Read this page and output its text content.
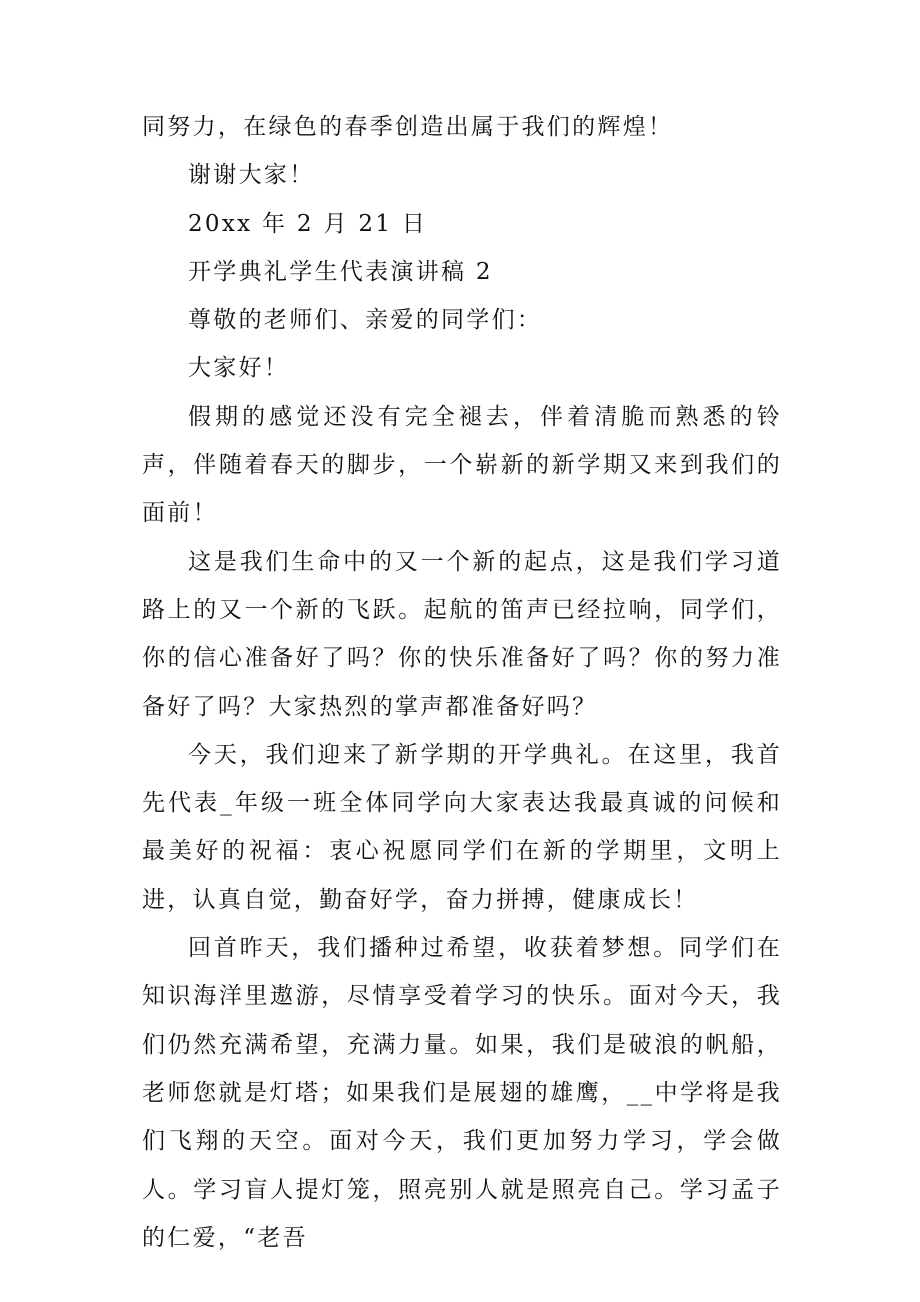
同努力，在绿色的春季创造出属于我们的辉煌！

谢谢大家！

20xx 年 2 月 21 日

开学典礼学生代表演讲稿 2

尊敬的老师们、亲爱的同学们：

大家好！

假期的感觉还没有完全褪去，伴着清脆而熟悉的铃声，伴随着春天的脚步，一个崭新的新学期又来到我们的面前！

这是我们生命中的又一个新的起点，这是我们学习道路上的又一个新的飞跃。起航的笛声已经拉响，同学们，你的信心准备好了吗？你的快乐准备好了吗？你的努力准备好了吗？大家热烈的掌声都准备好吗？

今天，我们迎来了新学期的开学典礼。在这里，我首先代表_年级一班全体同学向大家表达我最真诚的问候和最美好的祝福：衷心祝愿同学们在新的学期里，文明上进，认真自觉，勤奋好学，奋力拼搏，健康成长！

回首昨天，我们播种过希望，收获着梦想。同学们在知识海洋里遨游，尽情享受着学习的快乐。面对今天，我们仍然充满希望，充满力量。如果，我们是破浪的帆船，老师您就是灯塔；如果我们是展翅的雄鹰，__中学将是我们飞翔的天空。面对今天，我们更加努力学习，学会做人。学习盲人提灯笼，照亮别人就是照亮自己。学习孟子的仁爱，“老吾
